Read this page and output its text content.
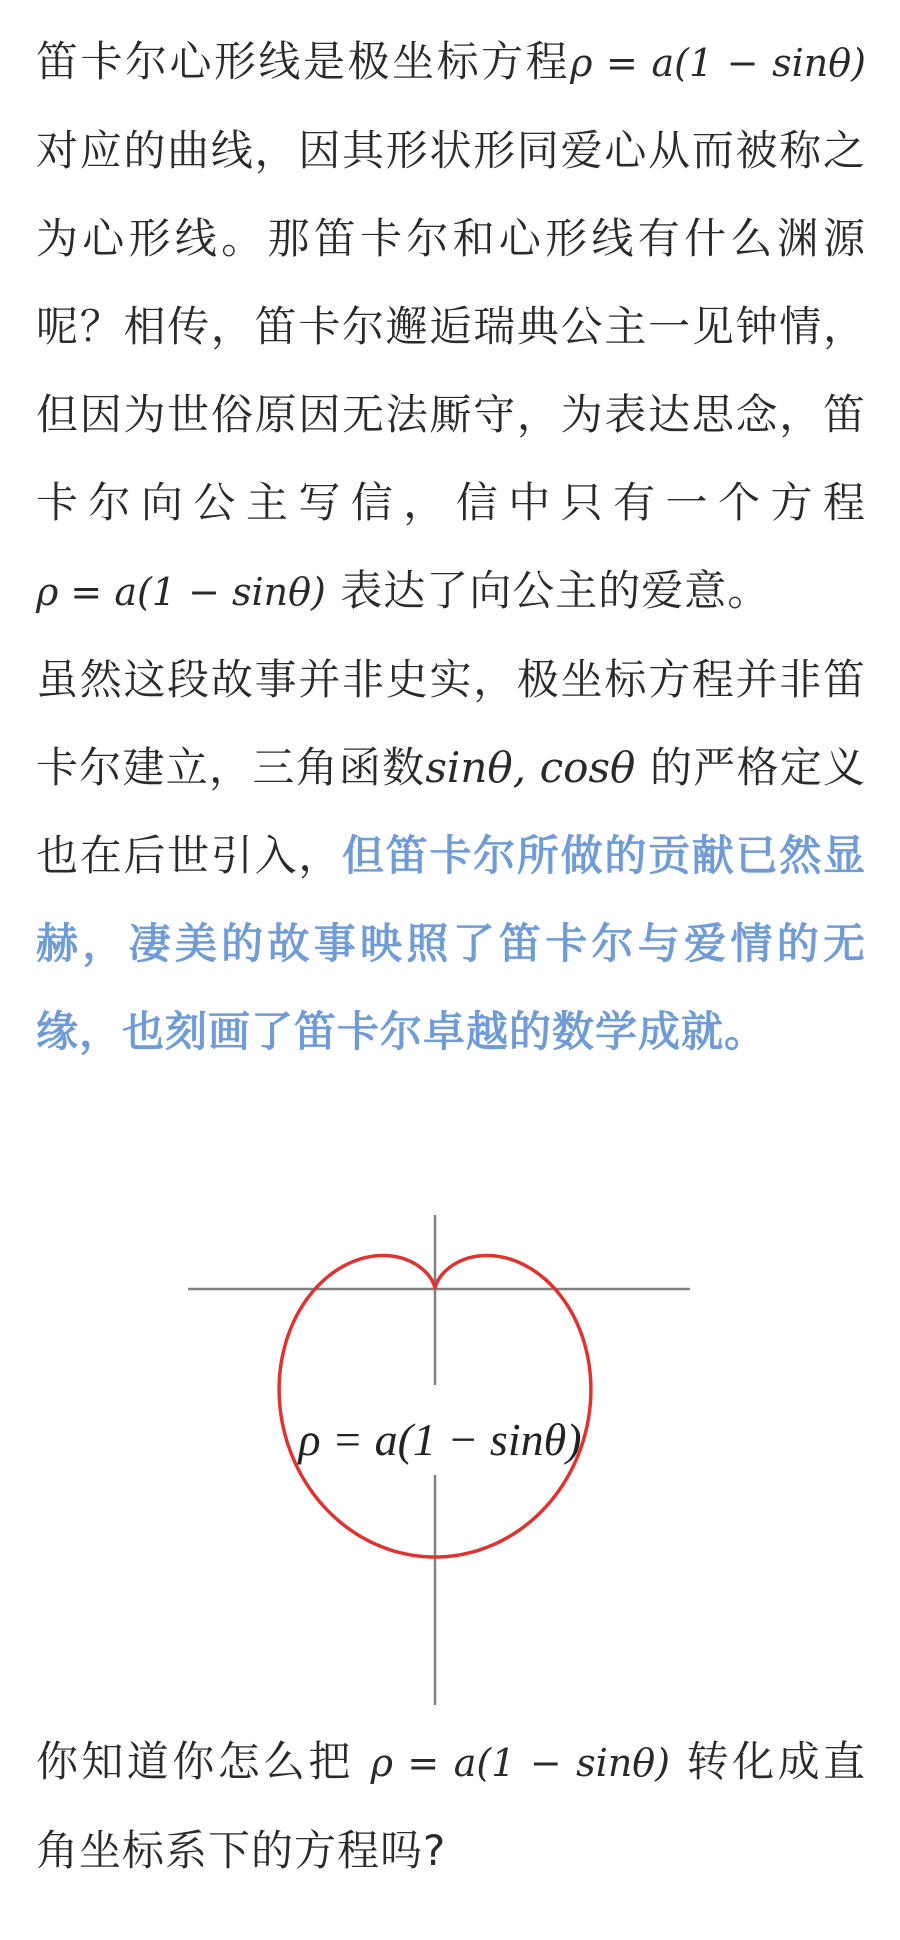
笛卡尔心形线是极坐标方程ρ = a(1 − sinθ)对应的曲线，因其形状形同爱心从而被称之为心形线。那笛卡尔和心形线有什么渊源呢？相传，笛卡尔邂逅瑞典公主一见钟情，但因为世俗原因无法厮守，为表达思念，笛卡尔向公主写信，信中只有一个方程 ρ = a(1 − sinθ) 表达了向公主的爱意。

虽然这段故事并非史实，极坐标方程并非笛卡尔建立，三角函数sinθ, cosθ 的严格定义也在后世引入，但笛卡尔所做的贡献已然显赫，凄美的故事映照了笛卡尔与爱情的无缘，也刻画了笛卡尔卓越的数学成就。

ρ = a(1 − sinθ)

你知道你怎么把 ρ = a(1 − sinθ) 转化成直角坐标系下的方程吗?
